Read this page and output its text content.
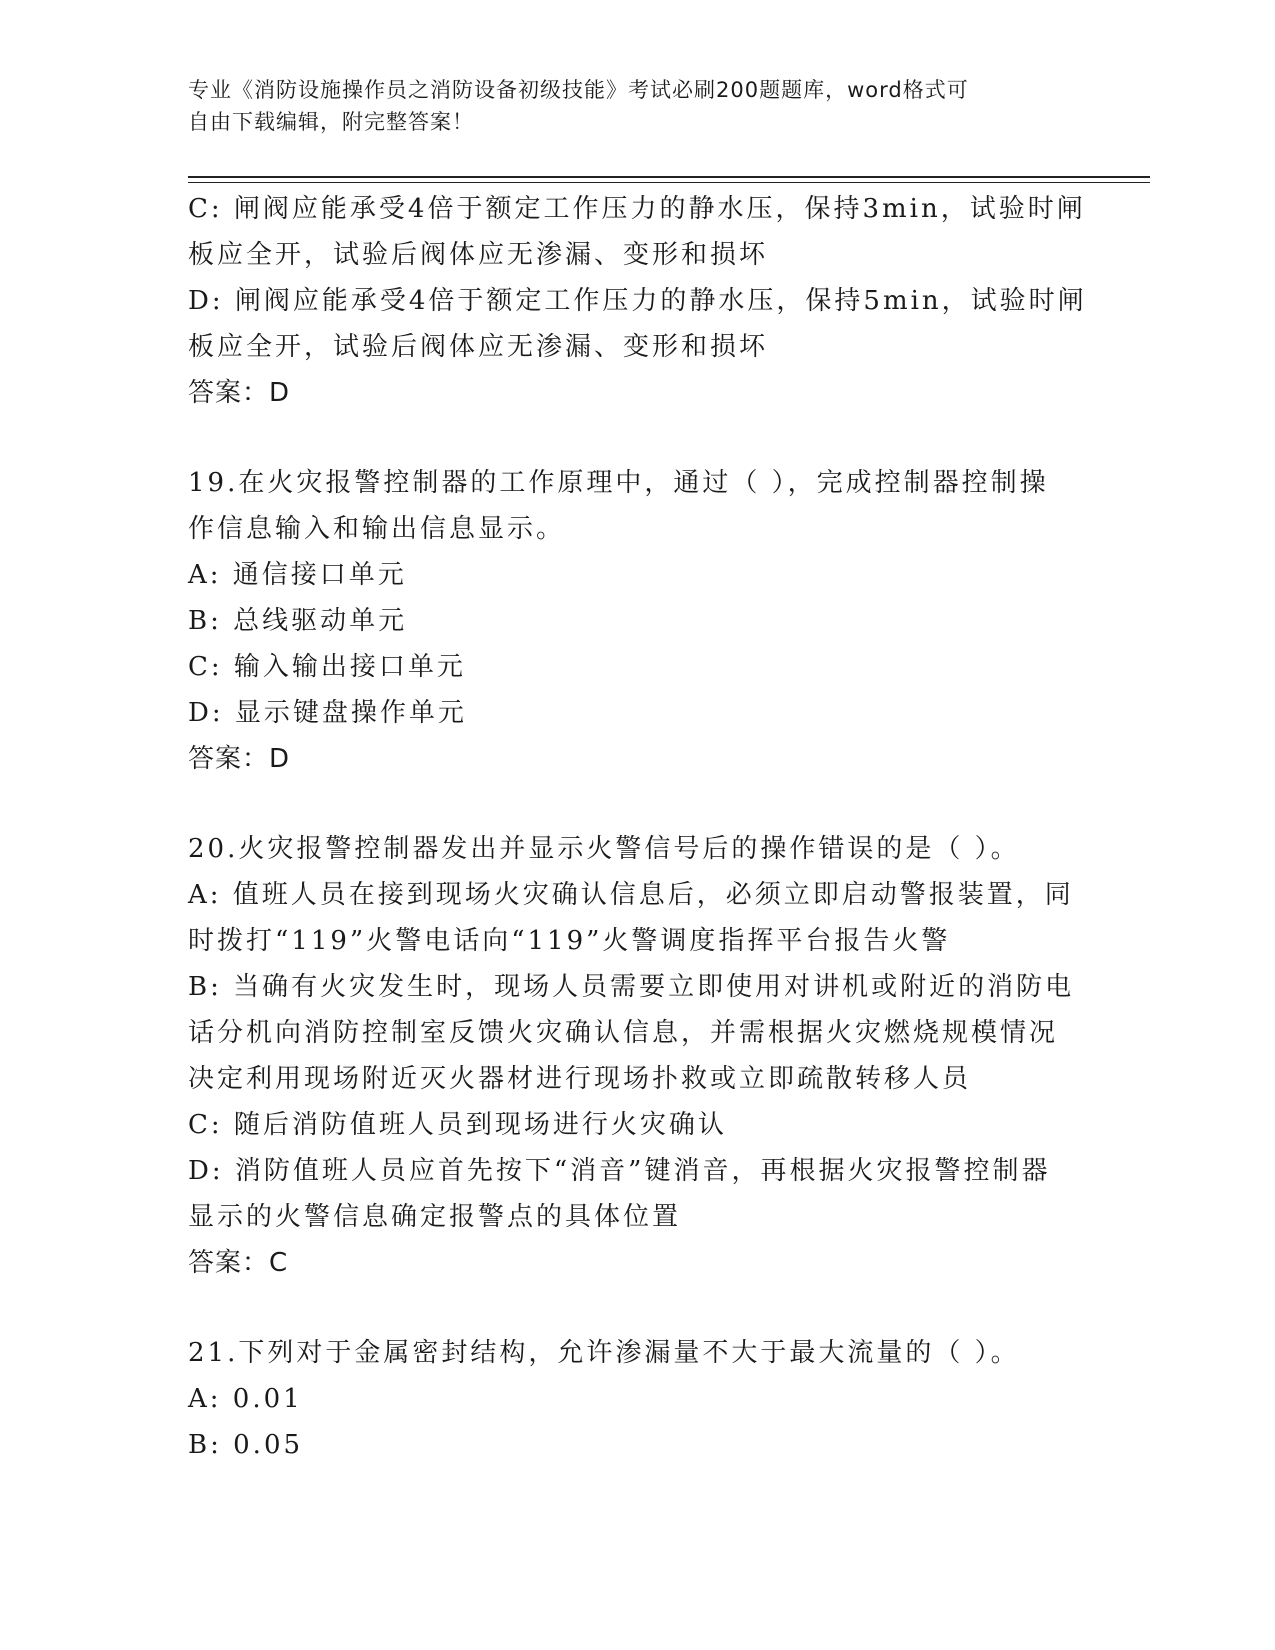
专业《消防设施操作员之消防设备初级技能》考试必刷200题题库，word格式可
自由下载编辑，附完整答案！
C: 闸阀应能承受4倍于额定工作压力的静水压，保持3min，试验时闸
板应全开，试验后阀体应无渗漏、变形和损坏
D: 闸阀应能承受4倍于额定工作压力的静水压，保持5min，试验时闸
板应全开，试验后阀体应无渗漏、变形和损坏
答案：D
19.在火灾报警控制器的工作原理中，通过（ ），完成控制器控制操
作信息输入和输出信息显示。
A: 通信接口单元
B: 总线驱动单元
C: 输入输出接口单元
D: 显示键盘操作单元
答案：D
20.火灾报警控制器发出并显示火警信号后的操作错误的是（ ）。
A: 值班人员在接到现场火灾确认信息后，必须立即启动警报装置，同
时拨打“119”火警电话向“119”火警调度指挥平台报告火警
B: 当确有火灾发生时，现场人员需要立即使用对讲机或附近的消防电
话分机向消防控制室反馈火灾确认信息，并需根据火灾燃烧规模情况
决定利用现场附近灭火器材进行现场扑救或立即疏散转移人员
C: 随后消防值班人员到现场进行火灾确认
D: 消防值班人员应首先按下“消音”键消音，再根据火灾报警控制器
显示的火警信息确定报警点的具体位置
答案：C
21.下列对于金属密封结构，允许渗漏量不大于最大流量的（ ）。
A: 0.01
B: 0.05
